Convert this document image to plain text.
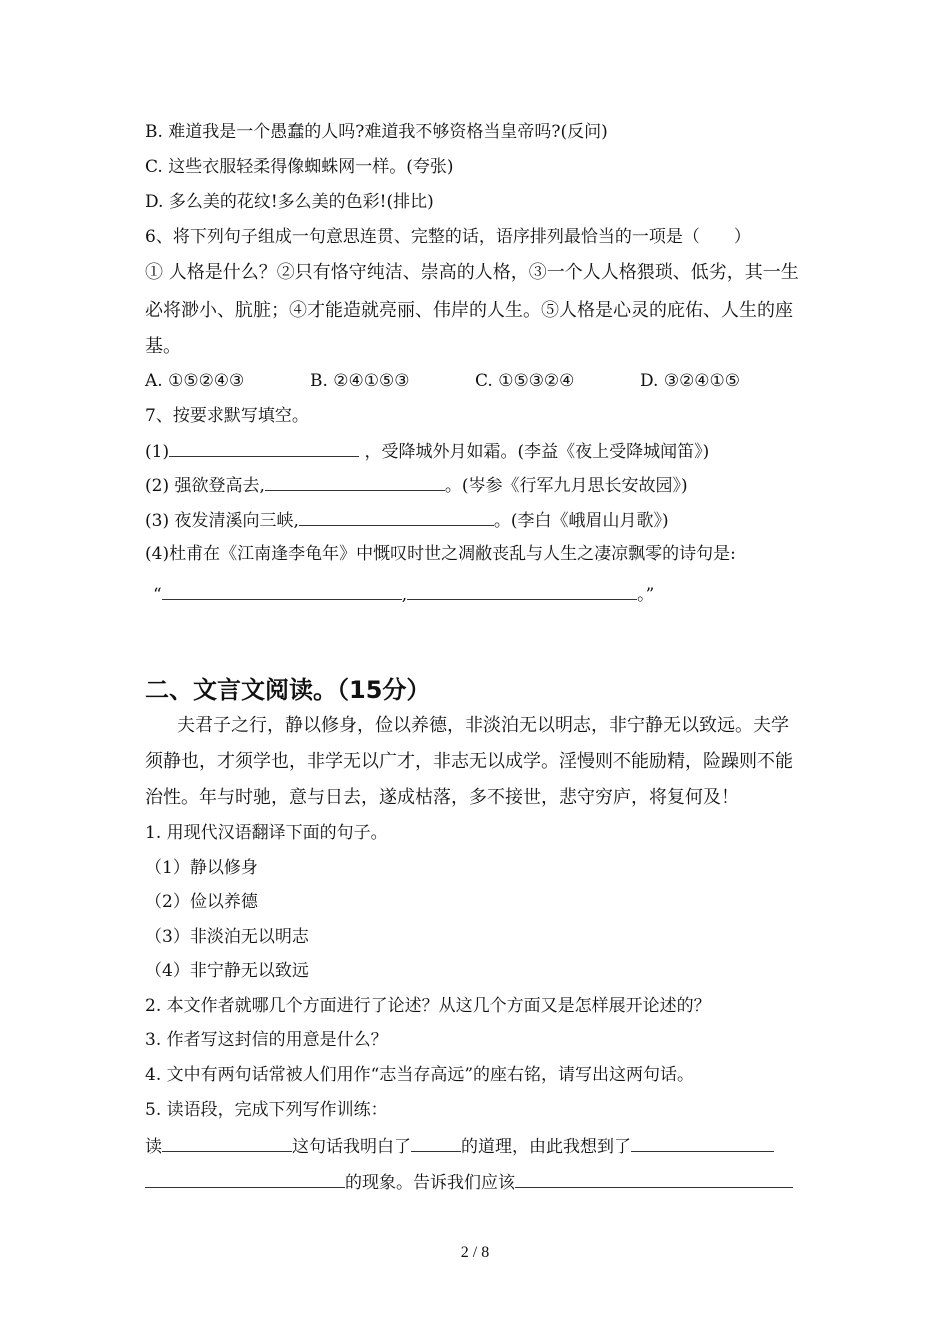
B. 难道我是一个愚蠢的人吗?难道我不够资格当皇帝吗?(反问)
C. 这些衣服轻柔得像蜘蛛网一样。(夸张)
D. 多么美的花纹!多么美的色彩!(排比)
6、将下列句子组成一句意思连贯、完整的话，语序排列最恰当的一项是（　　）
① 人格是什么？②只有恪守纯洁、崇高的人格，③一个人人格猥琐、低劣，其一生
必将渺小、肮脏；④才能造就亮丽、伟岸的人生。⑤人格是心灵的庇佑、人生的座
基。
A. ①⑤②④③	B. ②④①⑤③	C. ①⑤③②④	D. ③②④①⑤
7、按要求默写填空。
(1)	，受降城外月如霜。(李益《夜上受降城闻笛》)
(2) 强欲登高去,	。(岑参《行军九月思长安故园》)
(3) 夜发清溪向三峡,	。(李白《峨眉山月歌》)
(4)杜甫在《江南逢李龟年》中慨叹时世之凋敝丧乱与人生之凄凉飘零的诗句是:
“	,	。”
二、文言文阅读。（15分）
夫君子之行，静以修身，俭以养德，非淡泊无以明志，非宁静无以致远。夫学
须静也，才须学也，非学无以广才，非志无以成学。淫慢则不能励精，险躁则不能
治性。年与时驰，意与日去，遂成枯落，多不接世，悲守穷庐，将复何及！
1. 用现代汉语翻译下面的句子。
（1）静以修身
（2）俭以养德
（3）非淡泊无以明志
（4）非宁静无以致远
2. 本文作者就哪几个方面进行了论述？从这几个方面又是怎样展开论述的？
3. 作者写这封信的用意是什么？
4. 文中有两句话常被人们用作“志当存高远”的座右铭，请写出这两句话。
5. 读语段，完成下列写作训练：
读	这句话我明白了	的道理，由此我想到了
的现象。告诉我们应该
2 / 8
